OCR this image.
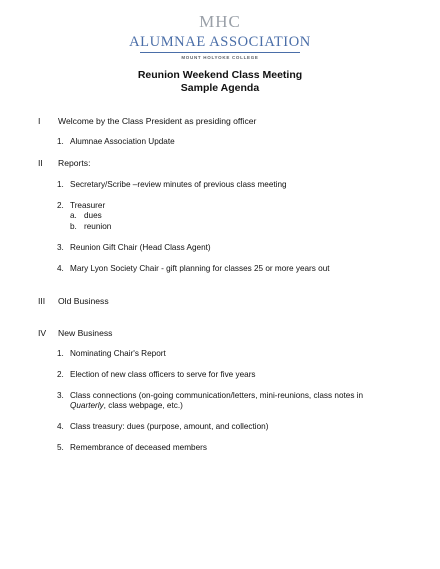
MHC
ALUMNAE ASSOCIATION
MOUNT HOLYOKE COLLEGE
Reunion Weekend Class Meeting
Sample Agenda
I Welcome by the Class President as presiding officer
1. Alumnae Association Update
II Reports:
1. Secretary/Scribe –review minutes of previous class meeting
2. Treasurer
a. dues
b. reunion
3. Reunion Gift Chair (Head Class Agent)
4. Mary Lyon Society Chair - gift planning for classes 25 or more years out
III Old Business
IV New Business
1. Nominating Chair's Report
2. Election of new class officers to serve for five years
3. Class connections (on-going communication/letters, mini-reunions, class notes in
Quarterly, class webpage, etc.)
4. Class treasury: dues (purpose, amount, and collection)
5. Remembrance of deceased members
